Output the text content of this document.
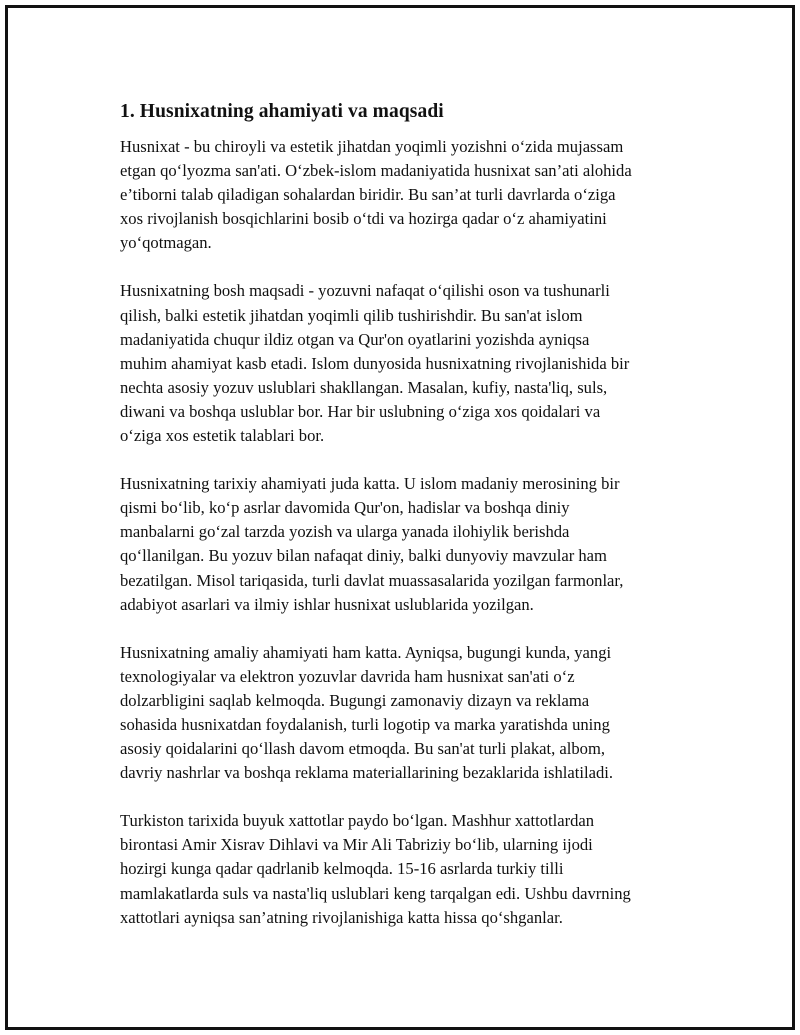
1. Husnixatning ahamiyati va maqsadi

Husnixat - bu chiroyli va estetik jihatdan yoqimli yozishni oʻzida mujassam
etgan qoʻlyozma san'ati. Oʻzbek-islom madaniyatida husnixat san’ati alohida
e’tiborni talab qiladigan sohalardan biridir. Bu san’at turli davrlarda oʻziga
xos rivojlanish bosqichlarini bosib oʻtdi va hozirga qadar oʻz ahamiyatini
yoʻqotmagan.

Husnixatning bosh maqsadi - yozuvni nafaqat oʻqilishi oson va tushunarli
qilish, balki estetik jihatdan yoqimli qilib tushirishdir. Bu san'at islom
madaniyatida chuqur ildiz otgan va Qur'on oyatlarini yozishda ayniqsa
muhim ahamiyat kasb etadi. Islom dunyosida husnixatning rivojlanishida bir
nechta asosiy yozuv uslublari shakllangan. Masalan, kufiy, nasta'liq, suls,
diwani va boshqa uslublar bor. Har bir uslubning oʻziga xos qoidalari va
oʻziga xos estetik talablari bor.

Husnixatning tarixiy ahamiyati juda katta. U islom madaniy merosining bir
qismi boʻlib, koʻp asrlar davomida Qur'on, hadislar va boshqa diniy
manbalarni goʻzal tarzda yozish va ularga yanada ilohiylik berishda
qoʻllanilgan. Bu yozuv bilan nafaqat diniy, balki dunyoviy mavzular ham
bezatilgan. Misol tariqasida, turli davlat muassasalarida yozilgan farmonlar,
adabiyot asarlari va ilmiy ishlar husnixat uslublarida yozilgan.

Husnixatning amaliy ahamiyati ham katta. Ayniqsa, bugungi kunda, yangi
texnologiyalar va elektron yozuvlar davrida ham husnixat san'ati oʻz
dolzarbligini saqlab kelmoqda. Bugungi zamonaviy dizayn va reklama
sohasida husnixatdan foydalanish, turli logotip va marka yaratishda uning
asosiy qoidalarini qoʻllash davom etmoqda. Bu san'at turli plakat, albom,
davriy nashrlar va boshqa reklama materiallarining bezaklarida ishlatiladi.

Turkiston tarixida buyuk xattotlar paydo boʻlgan. Mashhur xattotlardan
birontasi Amir Xisrav Dihlavi va Mir Ali Tabriziy boʻlib, ularning ijodi
hozirgi kunga qadar qadrlanib kelmoqda. 15-16 asrlarda turkiy tilli
mamlakatlarda suls va nasta'liq uslublari keng tarqalgan edi. Ushbu davrning
xattotlari ayniqsa san’atning rivojlanishiga katta hissa qoʻshganlar.
